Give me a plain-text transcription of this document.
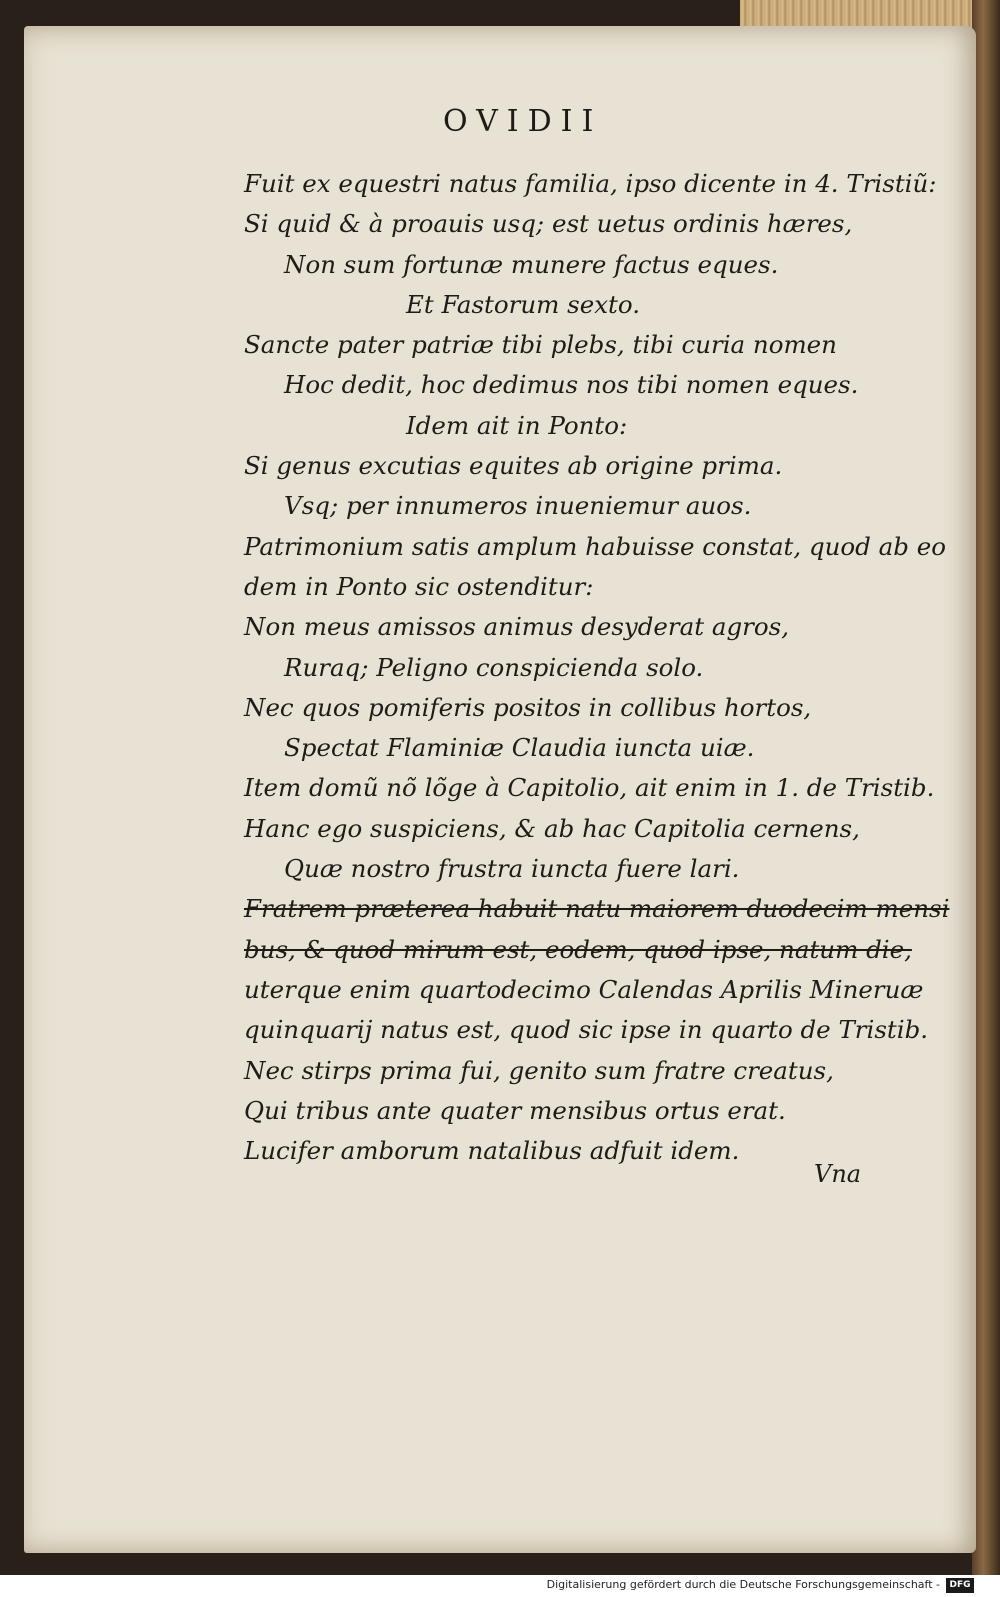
OVIDII
Fuit ex equestri natus familia, ipso dicente in 4. Tristiũ:
Si quid & à proauis usq; est uetus ordinis hæres,
Non sum fortunæ munere factus eques.
Et Fastorum sexto.
Sancte pater patriæ tibi plebs, tibi curia nomen
Hoc dedit, hoc dedimus nos tibi nomen eques.
Idem ait in Ponto:
Si genus excutias equites ab origine prima.
Vsq; per innumeros inueniemur auos.
Patrimonium satis amplum habuisse constat, quod ab eo
dem in Ponto sic ostenditur:
Non meus amissos animus desyderat agros,
Ruraq; Peligno conspicienda solo.
Nec quos pomiferis positos in collibus hortos,
Spectat Flaminiæ Claudia iuncta uiæ.
Item domũ nõ lõge à Capitolio, ait enim in 1. de Tristib.
Hanc ego suspiciens, & ab hac Capitolia cernens,
Quæ nostro frustra iuncta fuere lari.
Fratrem præterea habuit natu maiorem duodecim mensi
bus, & quod mirum est, eodem, quod ipse, natum die,
uterque enim quartodecimo Calendas Aprilis Mineruæ
quinquarij natus est, quod sic ipse in quarto de Tristib.
Nec stirps prima fui, genito sum fratre creatus,
Qui tribus ante quater mensibus ortus erat.
Lucifer amborum natalibus adfuit idem.
Vna
Digitalisierung gefördert durch die Deutsche Forschungsgemeinschaft -	DFG
